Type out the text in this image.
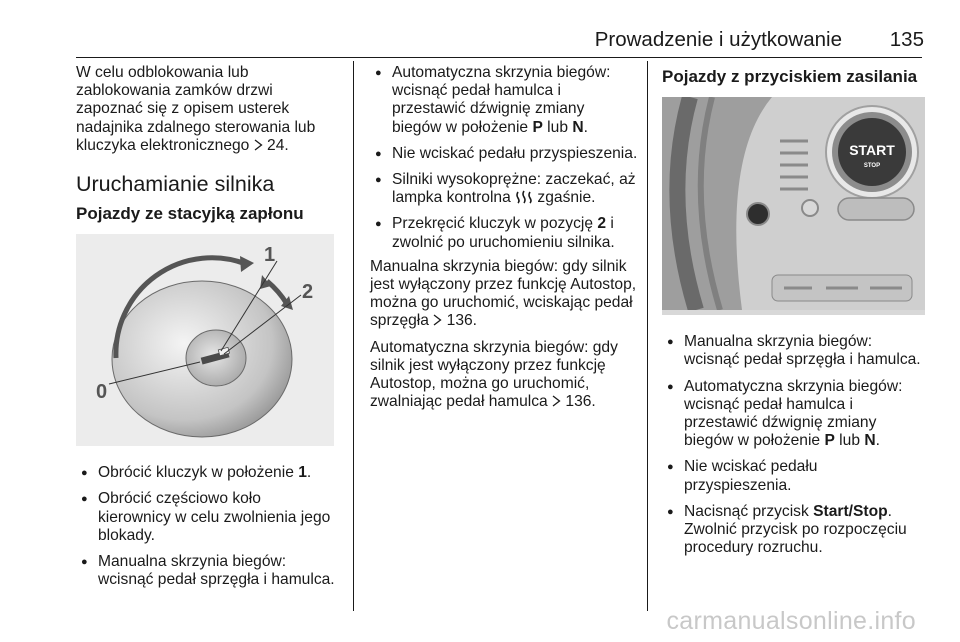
Prowadzenie i użytkowanie 135

W celu odblokowania lub zablokowania zamków drzwi zapoznać się z opisem usterek nadajnika zdalnego sterowania lub kluczyka elektronicznego 24.

Uruchamianie silnika
Pojazdy ze stacyjką zapłonu
1
2
0
● Obrócić kluczyk w położenie 1.
● Obrócić częściowo koło kierownicy w celu zwolnienia jego blokady.
● Manualna skrzynia biegów: wcisnąć pedał sprzęgła i hamulca.
● Automatyczna skrzynia biegów: wcisnąć pedał hamulca i przestawić dźwignię zmiany biegów w położenie P lub N.
● Nie wciskać pedału przyspieszenia.
● Silniki wysokoprężne: zaczekać, aż lampka kontrolna  zgaśnie.
● Przekręcić kluczyk w pozycję 2 i zwolnić po uruchomieniu silnika.

Manualna skrzynia biegów: gdy silnik jest wyłączony przez funkcję Autostop, można go uruchomić, wciskając pedał sprzęgła 136.

Automatyczna skrzynia biegów: gdy silnik jest wyłączony przez funkcję Autostop, można go uruchomić, zwalniając pedał hamulca 136.

Pojazdy z przyciskiem zasilania
START
STOP
● Manualna skrzynia biegów: wcisnąć pedał sprzęgła i hamulca.
● Automatyczna skrzynia biegów: wcisnąć pedał hamulca i przestawić dźwignię zmiany biegów w położenie P lub N.
● Nie wciskać pedału przyspieszenia.
● Nacisnąć przycisk Start/Stop. Zwolnić przycisk po rozpoczęciu procedury rozruchu.
carmanualsonline.info
